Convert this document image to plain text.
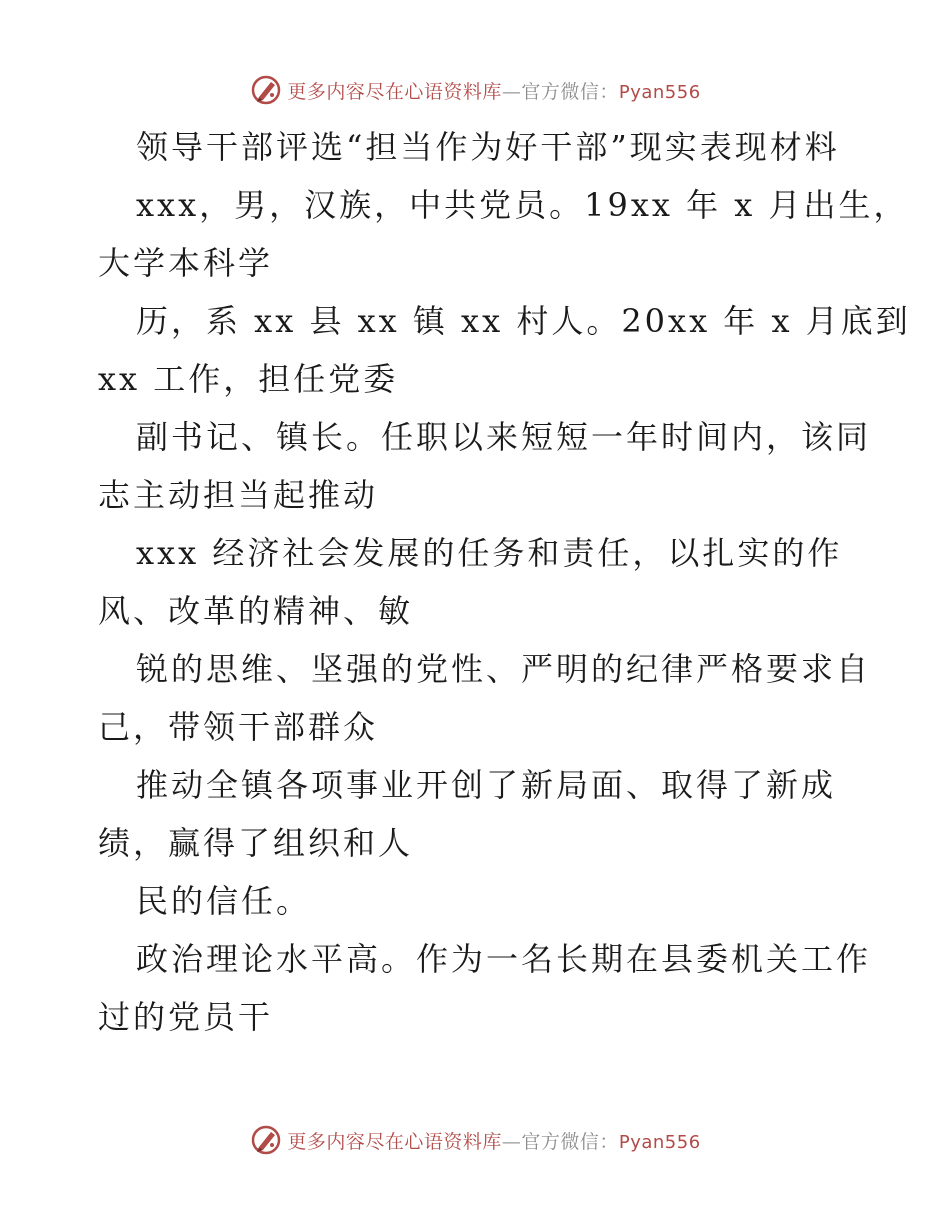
更多内容尽在心语资料库—官方微信：Pyan556
领导干部评选“担当作为好干部”现实表现材料
xxx，男，汉族，中共党员。19xx 年 x 月出生，
大学本科学
历，系 xx 县 xx 镇 xx 村人。20xx 年 x 月底到
xx 工作，担任党委
副书记、镇长。任职以来短短一年时间内，该同
志主动担当起推动
xxx 经济社会发展的任务和责任，以扎实的作
风、改革的精神、敏
锐的思维、坚强的党性、严明的纪律严格要求自
己，带领干部群众
推动全镇各项事业开创了新局面、取得了新成
绩，赢得了组织和人
民的信任。
政治理论水平高。作为一名长期在县委机关工作
过的党员干
更多内容尽在心语资料库—官方微信：Pyan556
